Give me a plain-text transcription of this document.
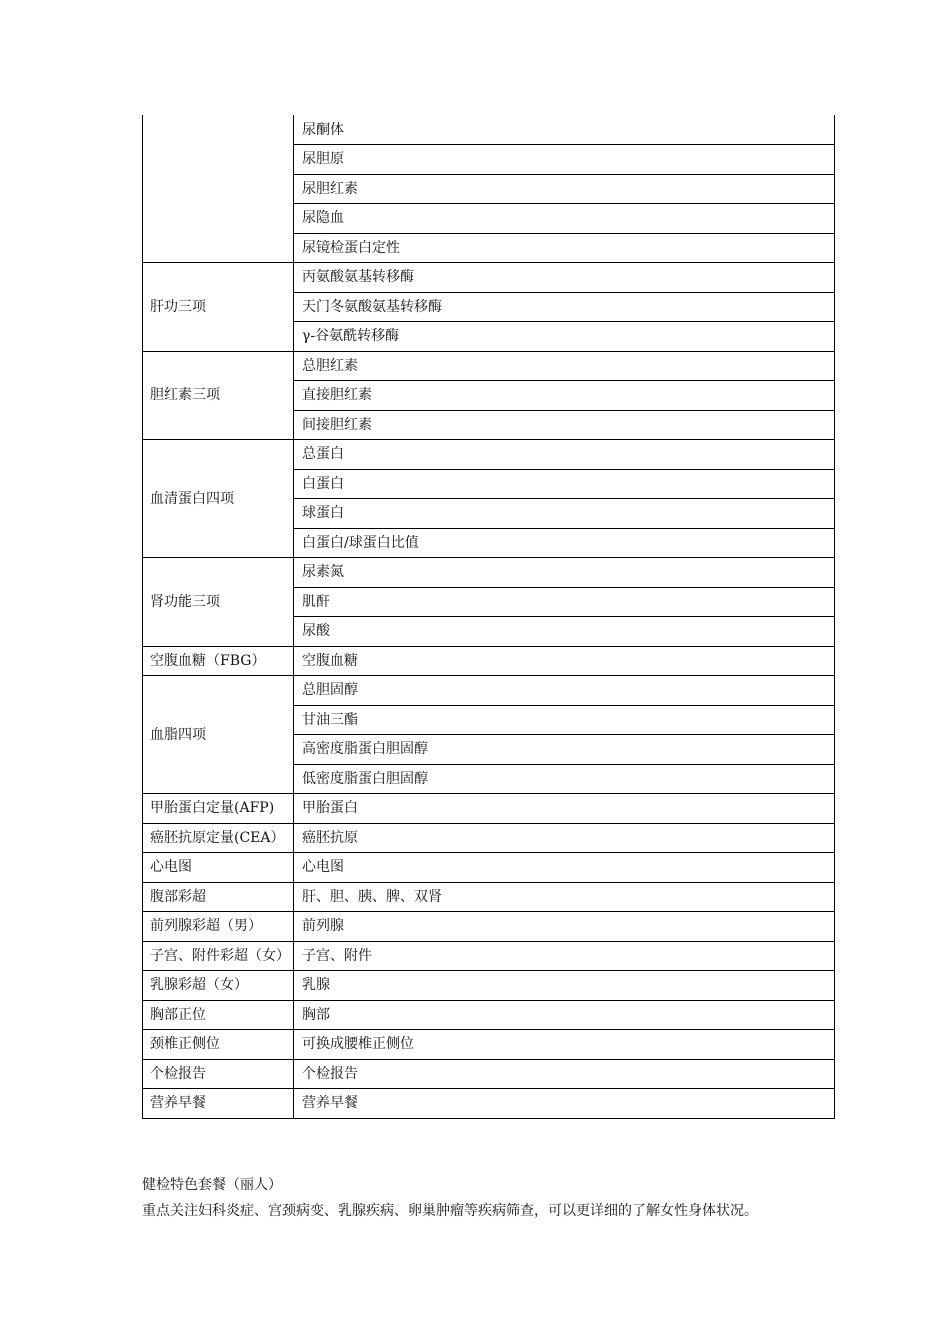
	尿酮体
	尿胆原
	尿胆红素
	尿隐血
	尿镜检蛋白定性
肝功三项	丙氨酸氨基转移酶
	天门冬氨酸氨基转移酶
	γ-谷氨酰转移酶
胆红素三项	总胆红素
	直接胆红素
	间接胆红素
血清蛋白四项	总蛋白
	白蛋白
	球蛋白
	白蛋白/球蛋白比值
肾功能三项	尿素氮
	肌酐
	尿酸
空腹血糖（FBG）	空腹血糖
血脂四项	总胆固醇
	甘油三酯
	高密度脂蛋白胆固醇
	低密度脂蛋白胆固醇
甲胎蛋白定量(AFP)	甲胎蛋白
癌胚抗原定量(CEA）	癌胚抗原
心电图	心电图
腹部彩超	肝、胆、胰、脾、双肾
前列腺彩超（男）	前列腺
子宫、附件彩超（女）	子宫、附件
乳腺彩超（女）	乳腺
胸部正位	胸部
颈椎正侧位	可换成腰椎正侧位
个检报告	个检报告
营养早餐	营养早餐

健检特色套餐（丽人）

重点关注妇科炎症、宫颈病变、乳腺疾病、卵巢肿瘤等疾病筛查，可以更详细的了解女性身体状况。
